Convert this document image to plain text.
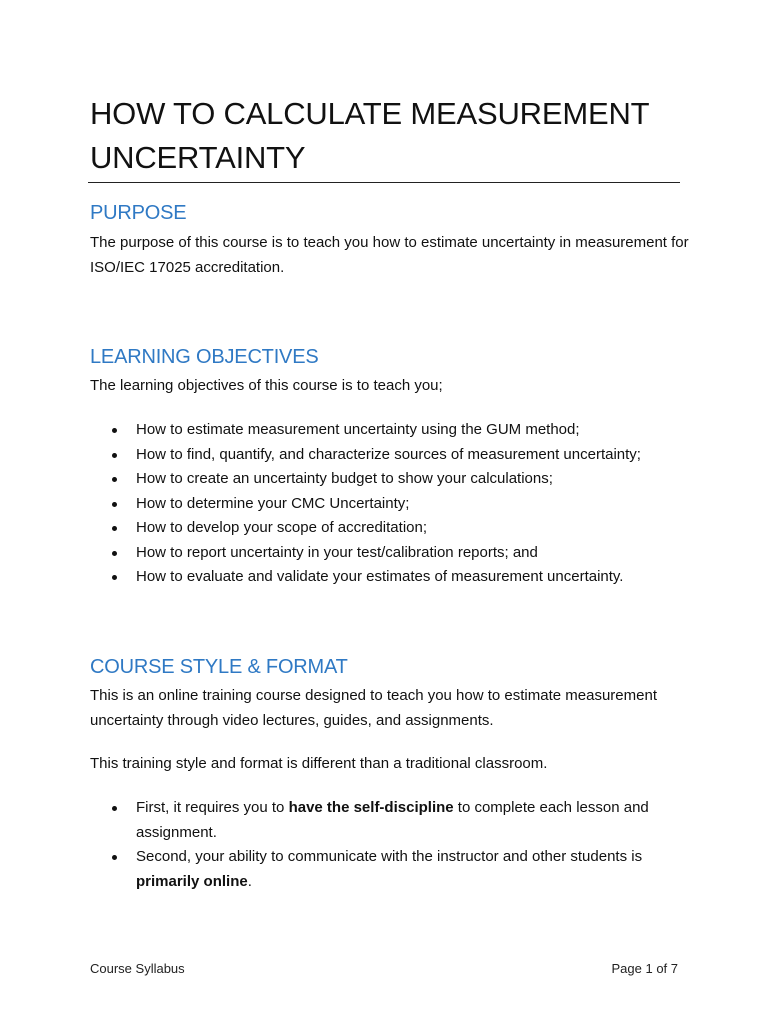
HOW TO CALCULATE MEASUREMENT UNCERTAINTY
PURPOSE

The purpose of this course is to teach you how to estimate uncertainty in measurement for ISO/IEC 17025 accreditation.

LEARNING OBJECTIVES

The learning objectives of this course is to teach you;

How to estimate measurement uncertainty using the GUM method;
How to find, quantify, and characterize sources of measurement uncertainty;
How to create an uncertainty budget to show your calculations;
How to determine your CMC Uncertainty;
How to develop your scope of accreditation;
How to report uncertainty in your test/calibration reports; and
How to evaluate and validate your estimates of measurement uncertainty.
COURSE STYLE & FORMAT

This is an online training course designed to teach you how to estimate measurement uncertainty through video lectures, guides, and assignments.

This training style and format is different than a traditional classroom.

First, it requires you to have the self-discipline to complete each lesson and assignment.
Second, your ability to communicate with the instructor and other students is primarily online.
Course Syllabus	Page 1 of 7
